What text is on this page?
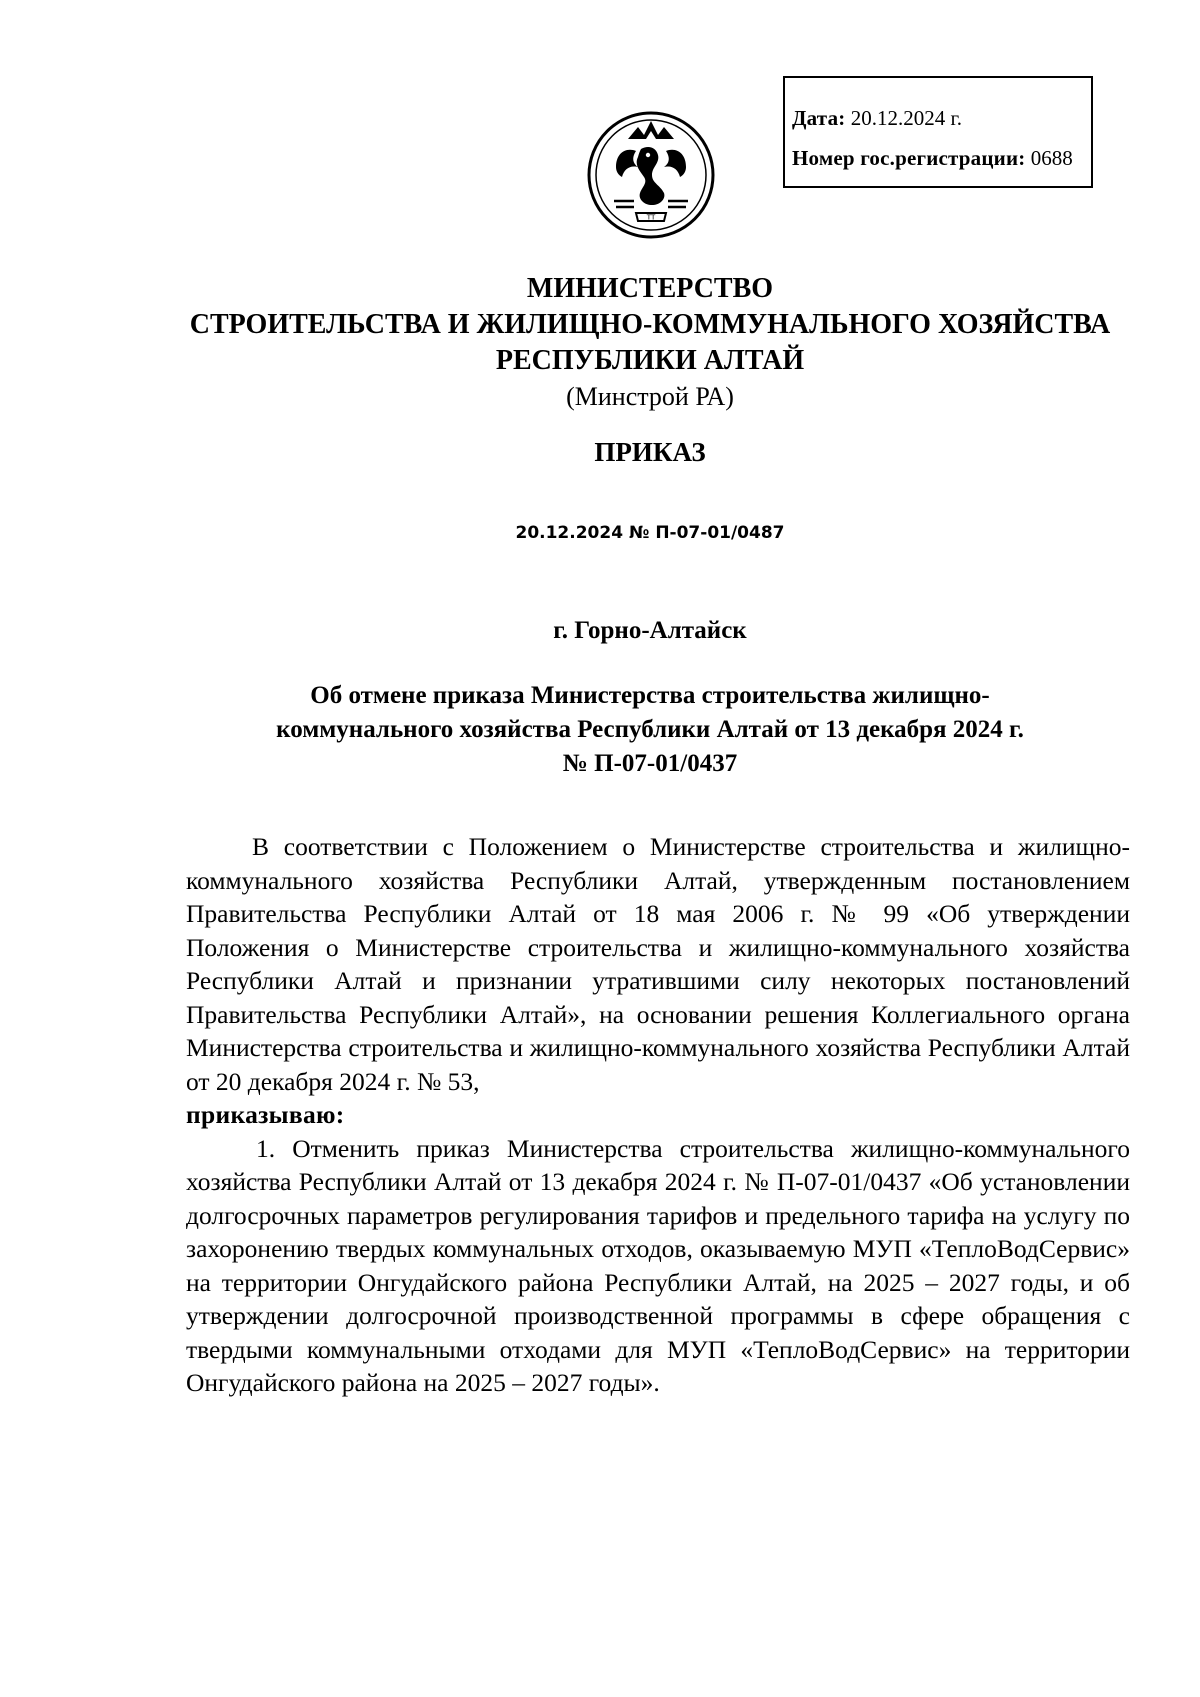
Дата: 20.12.2024 г.
Номер гос.регистрации: 0688
ТТ
МИНИСТЕРСТВО
СТРОИТЕЛЬСТВА И ЖИЛИЩНО-КОММУНАЛЬНОГО ХОЗЯЙСТВА
РЕСПУБЛИКИ АЛТАЙ
(Минстрой РА)
ПРИКАЗ
20.12.2024 № П-07-01/0487
г. Горно-Алтайск
Об отмене приказа Министерства строительства жилищно-
коммунального хозяйства Республики Алтай от 13 декабря 2024 г.
№ П-07-01/0437

В соответствии с Положением о Министерстве строительства и жилищно-коммунального хозяйства Республики Алтай, утвержденным постановлением Правительства Республики Алтай от 18 мая 2006 г. № 99 «Об утверждении Положения о Министерстве строительства и жилищно-коммунального хозяйства Республики Алтай и признании утратившими силу некоторых постановлений Правительства Республики Алтай», на основании решения Коллегиального органа Министерства строительства и жилищно-коммунального хозяйства Республики Алтай от 20 декабря 2024 г. № 53,

приказываю:

1. Отменить приказ Министерства строительства жилищно-коммунального хозяйства Республики Алтай от 13 декабря 2024 г. № П-07-01/0437 «Об установлении долгосрочных параметров регулирования тарифов и предельного тарифа на услугу по захоронению твердых коммунальных отходов, оказываемую МУП «ТеплоВодСервис» на территории Онгудайского района Республики Алтай, на 2025 – 2027 годы, и об утверждении долгосрочной производственной программы в сфере обращения с твердыми коммунальными отходами для МУП «ТеплоВодСервис» на территории Онгудайского района на 2025 – 2027 годы».
